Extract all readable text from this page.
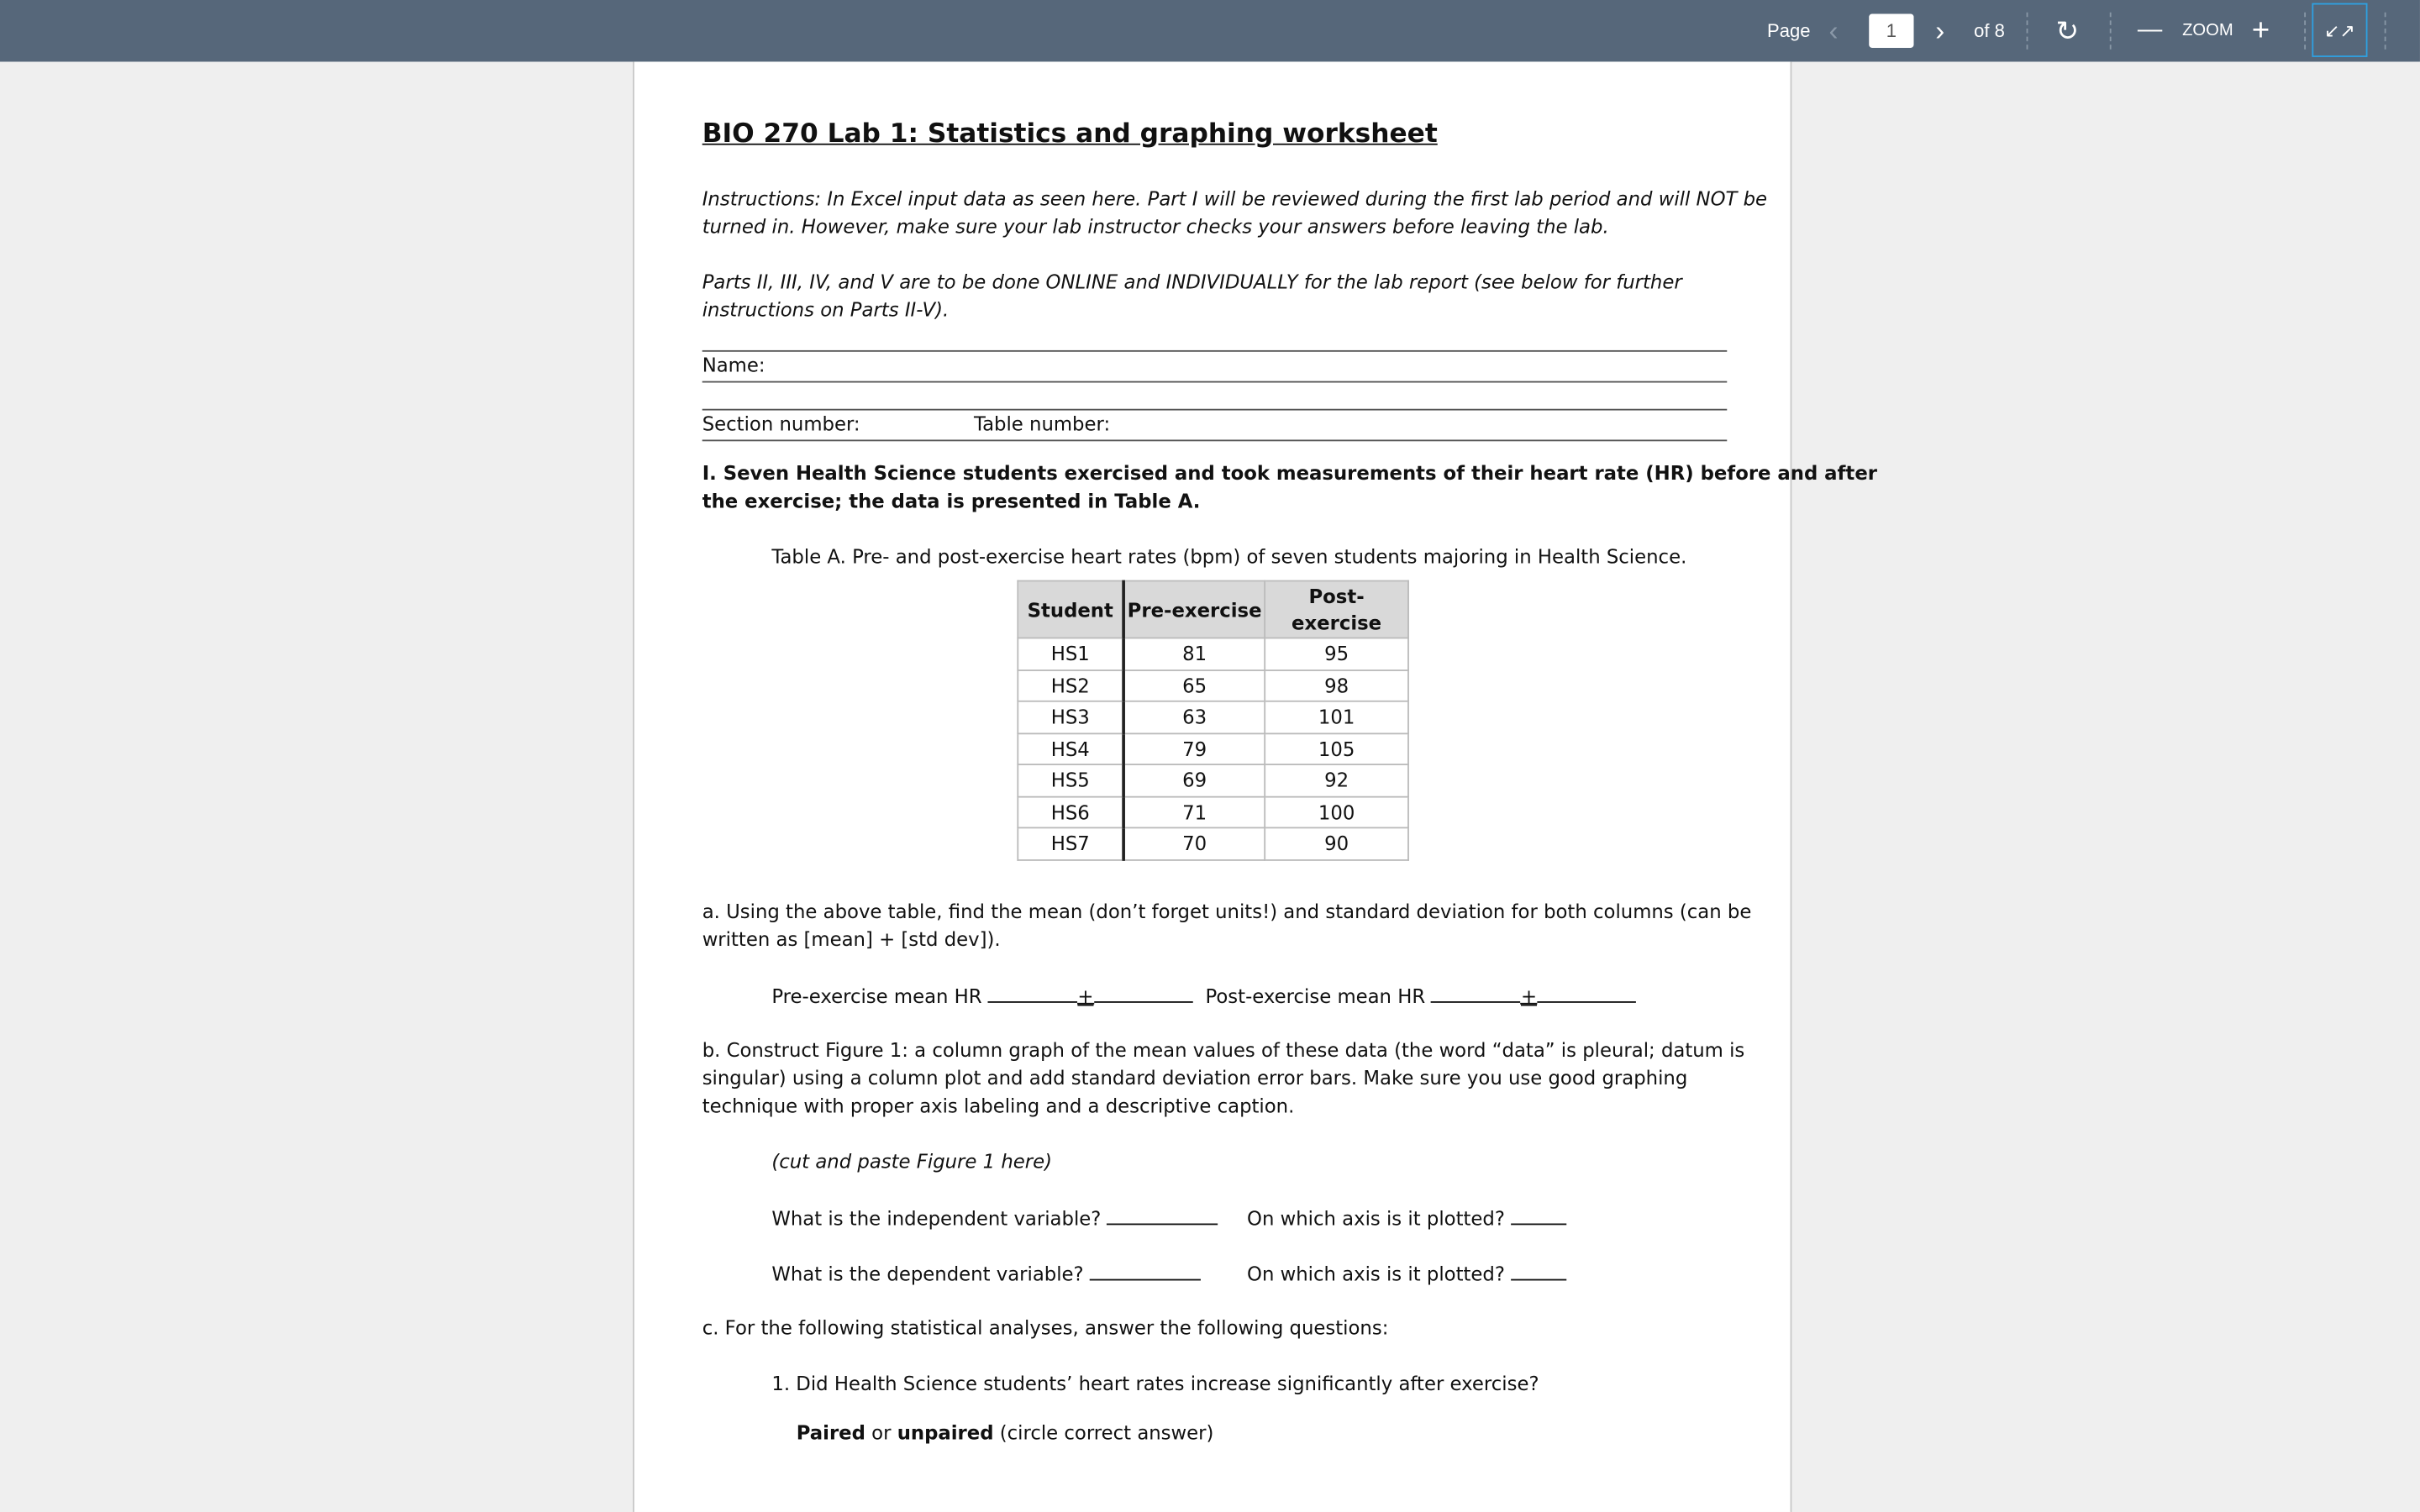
Page ‹	1	›	of 8	↻	— ZOOM +	↙↗
BIO 270 Lab 1: Statistics and graphing worksheet
Instructions: In Excel input data as seen here. Part I will be reviewed during the first lab period and will NOT be
turned in. However, make sure your lab instructor checks your answers before leaving the lab.
Parts II, III, IV, and V are to be done ONLINE and INDIVIDUALLY for the lab report (see below for further
instructions on Parts II-V).
Name:
Section number:	Table number:
I. Seven Health Science students exercised and took measurements of their heart rate (HR) before and after
the exercise; the data is presented in Table A.
Table A. Pre- and post-exercise heart rates (bpm) of seven students majoring in Health Science.
Student	Pre-exercise	Post-exercise
HS1	81	95
HS2	65	98
HS3	63	101
HS4	79	105
HS5	69	92
HS6	71	100
HS7	70	90
a. Using the above table, find the mean (don’t forget units!) and standard deviation for both columns (can be
written as [mean] + [std dev]).
Pre-exercise mean HR	+	Post-exercise mean HR	+
b. Construct Figure 1: a column graph of the mean values of these data (the word “data” is pleural; datum is
singular) using a column plot and add standard deviation error bars. Make sure you use good graphing
technique with proper axis labeling and a descriptive caption.
(cut and paste Figure 1 here)
What is the independent variable?	On which axis is it plotted?
What is the dependent variable?	On which axis is it plotted?
c. For the following statistical analyses, answer the following questions:
1. Did Health Science students’ heart rates increase significantly after exercise?
Paired or unpaired (circle correct answer)
